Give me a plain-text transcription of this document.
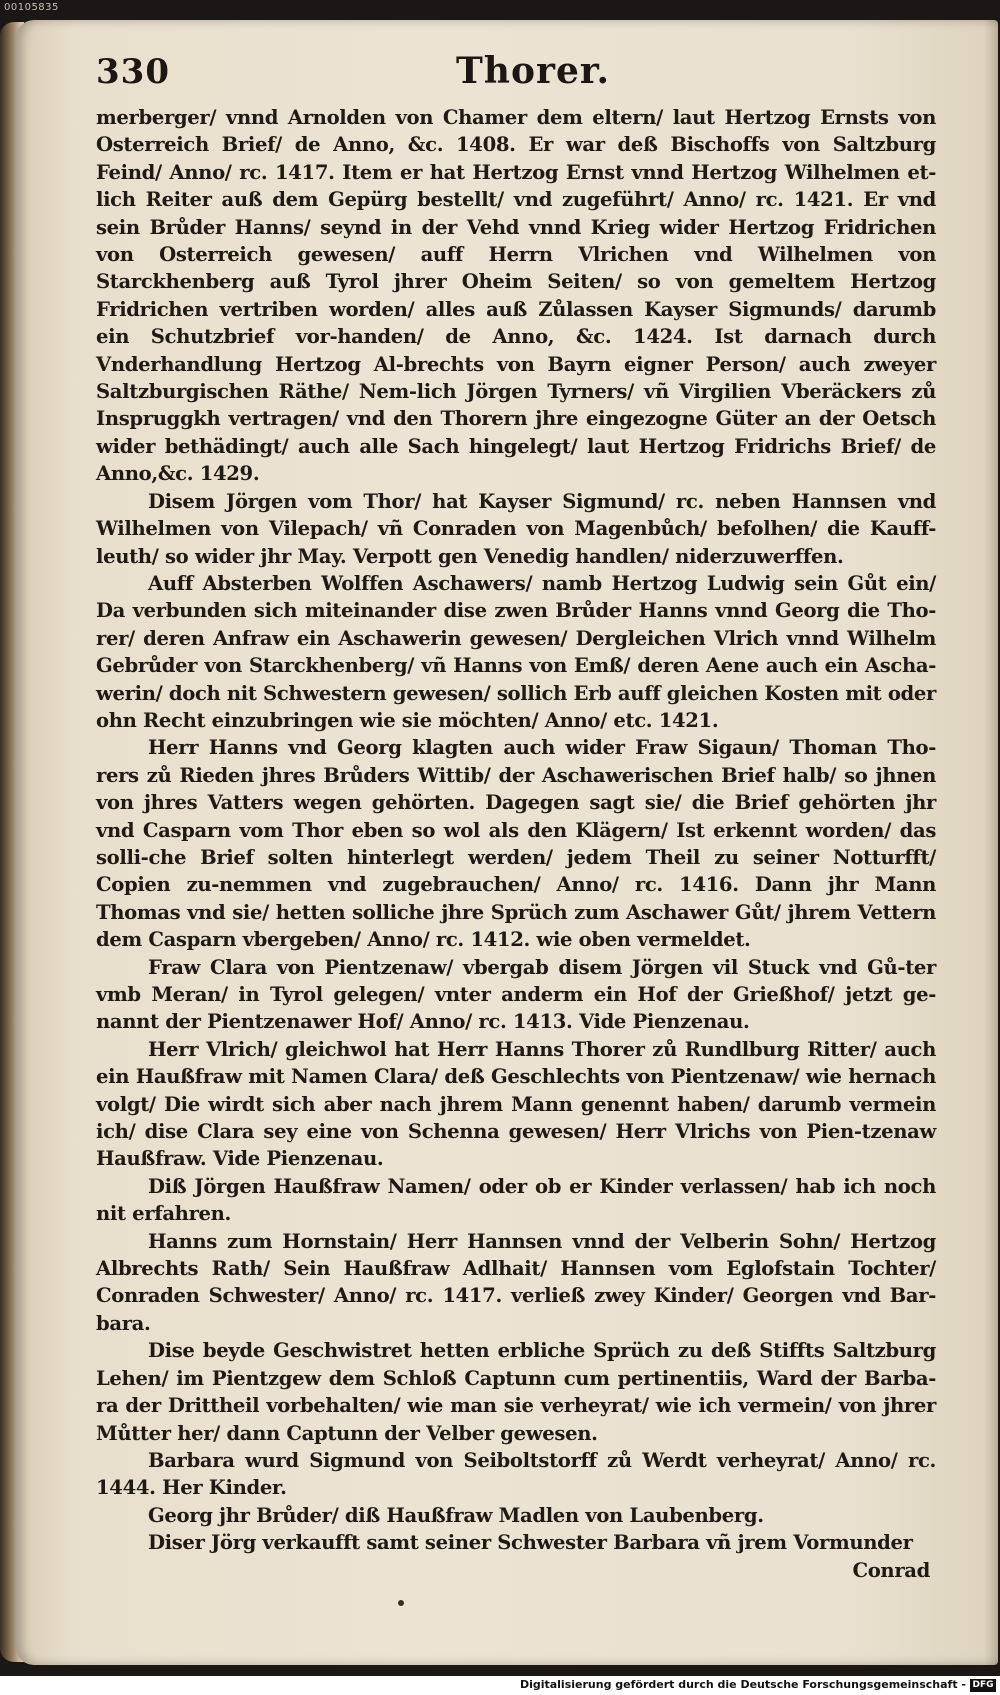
00105835
330	Thorer.

merberger/ vnnd Arnolden von Chamer dem eltern/ laut Hertzog Ernsts von Osterreich Brief/ de Anno, &c. 1408. Er war deß Bischoffs von Saltzburg Feind/ Anno/ rc. 1417. Item er hat Hertzog Ernst vnnd Hertzog Wilhelmen et-lich Reiter auß dem Gepürg bestellt/ vnd zugeführt/ Anno/ rc. 1421. Er vnd sein Brůder Hanns/ seynd in der Vehd vnnd Krieg wider Hertzog Fridrichen von Osterreich gewesen/ auff Herrn Vlrichen vnd Wilhelmen von Starckhenberg auß Tyrol jhrer Oheim Seiten/ so von gemeltem Hertzog Fridrichen vertriben worden/ alles auß Zůlassen Kayser Sigmunds/ darumb ein Schutzbrief vor-handen/ de Anno, &c. 1424. Ist darnach durch Vnderhandlung Hertzog Al-brechts von Bayrn eigner Person/ auch zweyer Saltzburgischen Räthe/ Nem-lich Jörgen Tyrners/ vñ Virgilien Vberäckers zů Inspruggkh vertragen/ vnd den Thorern jhre eingezogne Güter an der Oetsch wider bethädingt/ auch alle Sach hingelegt/ laut Hertzog Fridrichs Brief/ de Anno,&c. 1429.

Disem Jörgen vom Thor/ hat Kayser Sigmund/ rc. neben Hannsen vnd Wilhelmen von Vilepach/ vñ Conraden von Magenbůch/ befolhen/ die Kauff-leuth/ so wider jhr May. Verpott gen Venedig handlen/ niderzuwerffen.

Auff Absterben Wolffen Aschawers/ namb Hertzog Ludwig sein Gůt ein/ Da verbunden sich miteinander dise zwen Brůder Hanns vnnd Georg die Tho-rer/ deren Anfraw ein Aschawerin gewesen/ Dergleichen Vlrich vnnd Wilhelm Gebrůder von Starckhenberg/ vñ Hanns von Emß/ deren Aene auch ein Ascha-werin/ doch nit Schwestern gewesen/ sollich Erb auff gleichen Kosten mit oder ohn Recht einzubringen wie sie möchten/ Anno/ etc. 1421.

Herr Hanns vnd Georg klagten auch wider Fraw Sigaun/ Thoman Tho-rers zů Rieden jhres Brůders Wittib/ der Aschawerischen Brief halb/ so jhnen von jhres Vatters wegen gehörten. Dagegen sagt sie/ die Brief gehörten jhr vnd Casparn vom Thor eben so wol als den Klägern/ Ist erkennt worden/ das solli-che Brief solten hinterlegt werden/ jedem Theil zu seiner Notturfft/ Copien zu-nemmen vnd zugebrauchen/ Anno/ rc. 1416. Dann jhr Mann Thomas vnd sie/ hetten solliche jhre Sprüch zum Aschawer Gůt/ jhrem Vettern dem Casparn vbergeben/ Anno/ rc. 1412. wie oben vermeldet.

Fraw Clara von Pientzenaw/ vbergab disem Jörgen vil Stuck vnd Gů-ter vmb Meran/ in Tyrol gelegen/ vnter anderm ein Hof der Grießhof/ jetzt ge-nannt der Pientzenawer Hof/ Anno/ rc. 1413. Vide Pienzenau.

Herr Vlrich/ gleichwol hat Herr Hanns Thorer zů Rundlburg Ritter/ auch ein Haußfraw mit Namen Clara/ deß Geschlechts von Pientzenaw/ wie hernach volgt/ Die wirdt sich aber nach jhrem Mann genennt haben/ darumb vermein ich/ dise Clara sey eine von Schenna gewesen/ Herr Vlrichs von Pien-tzenaw Haußfraw. Vide Pienzenau.

Diß Jörgen Haußfraw Namen/ oder ob er Kinder verlassen/ hab ich noch nit erfahren.

Hanns zum Hornstain/ Herr Hannsen vnnd der Velberin Sohn/ Hertzog Albrechts Rath/ Sein Haußfraw Adlhait/ Hannsen vom Eglofstain Tochter/ Conraden Schwester/ Anno/ rc. 1417. verließ zwey Kinder/ Georgen vnd Bar-bara.

Dise beyde Geschwistret hetten erbliche Sprüch zu deß Stiffts Saltzburg Lehen/ im Pientzgew dem Schloß Captunn cum pertinentiis, Ward der Barba-ra der Drittheil vorbehalten/ wie man sie verheyrat/ wie ich vermein/ von jhrer Můtter her/ dann Captunn der Velber gewesen.

Barbara wurd Sigmund von Seiboltstorff zů Werdt verheyrat/ Anno/ rc. 1444. Her Kinder.

Georg jhr Brůder/ diß Haußfraw Madlen von Laubenberg.

Diser Jörg verkaufft samt seiner Schwester Barbara vñ jrem Vormunder

Conrad
Digitalisierung gefördert durch die Deutsche Forschungsgemeinschaft - DFG
